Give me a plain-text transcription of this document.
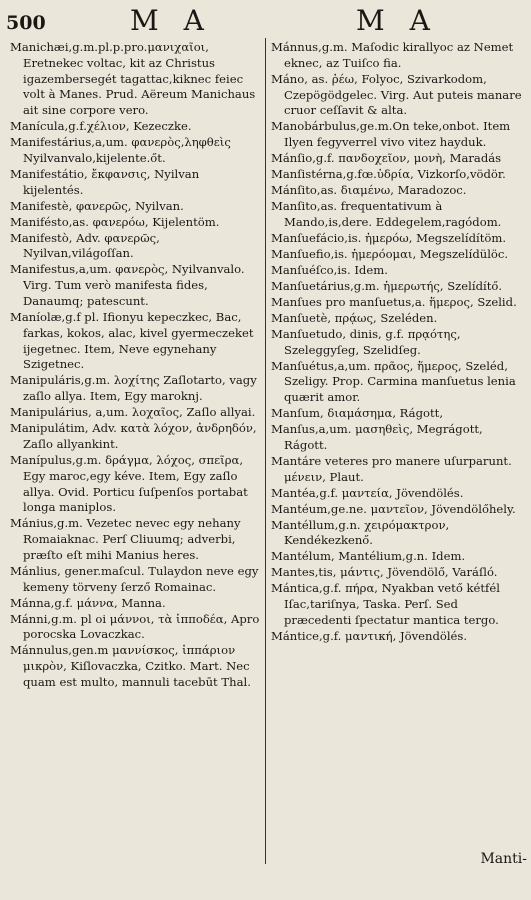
500	M A	M A

Manichæi,g.m.pl.p.pro.μανιχαῖοι, Eretnekec voltac, kit az Christus igazembersegét tagattac,kiknec feiec volt à Manes. Prud. Aëreum Manichaus ait sine corpore vero.

Manícula,g.f.χέλιον, Kezeczke.

Manifestárius,a,um. φανερὸς,ληφθεὶς Nyilvanvalo,kijelente.őt.

Manifestátio, ἔκφανσις, Nyilvan kijelentés.

Manifestè, φανερῶς, Nyilvan.

Manifésto,as. φανερόω, Kijelentöm.

Manifestò, Adv. φανερῶς, Nyilvan,világoſſan.

Manifestus,a,um. φανερὸς, Nyilvanvalo. Virg. Tum verò manifesta fides, Danaumq; patescunt.

Maníolæ,g.f pl. Ifionyu kepeczkec, Bac, farkas, kokos, alac, kivel gyermeczeket ijegetnec. Item, Neve egynehany Szigetnec.

Manipuláris,g.m. λοχίτης Zaſlotarto, vagy zaſlo allya. Item, Egy maroknj.

Manipulárius, a,um. λοχαῖος, Zaſlo allyai.

Manipulátim, Adv. κατὰ λόχον, ἀνδρηδόν, Zaſlo allyankint.

Manípulus,g.m. δράγμα, λόχος, σπεῖρα, Egy maroc,egy kéve. Item, Egy zaſlo allya. Ovid. Porticu ſuſpenſos portabat longa maniplos.

Mánius,g.m. Vezetec nevec egy nehany Romaiaknac. Perſ Cliuumq; adverbi, præſto eſt mihi Manius heres.

Mánlius, gener.maſcul. Tulaydon neve egy kemeny törveny ſerző Romainac.

Mánna,g.f. μάννα, Manna.

Mánni,g.m. pl oi μάννοι, τὰ ἱπποδέα, Apro porocska Lovaczkac.

Mánnulus,gen.m μαννίσκος, ἱππάριον μικρὸν, Kiſlovaczka, Czitko. Mart. Nec quam est multo, mannuli tacebūt Thal.

Mánnus,g.m. Maſodic kirallyoc az Nemet eknec, az Tuiſco fia.

Máno, as. ῥέω, Folyoc, Szivarkodom, Czepögödgelec. Virg. Aut puteis manare cruor ceſſavit & alta.

Manobárbulus,ge.m.On teke,onbot. Item Ilyen fegyverrel vivo vitez hayduk.

Mánſio,g.f. πανδοχεῖον, μονὴ, Maradás

Manſistérna,g.fœ.ὑδρία, Vizkorſo,vödör.

Mánſito,as. διαμένω, Maradozoc.

Manſito,as. frequentativum à Mando,is,dere. Eddegelem,ragódom.

Manſuefácio,is. ἡμερόω, Megszelídítöm.

Manſuefio,is. ἡμερόομαι, Megszelídülöc.

Manſuéſco,is. Idem.

Manſuetárius,g.m. ἡμερωτής, Szelídítő.

Manſues pro manſuetus,a. ἥμερος, Szelid.

Manſuetè, πρᾴως, Szeléden.

Manſuetudo, dinis, g.f. πρᾳότης, Szeleggyſeg, Szelidſeg.

Manſuétus,a,um. πρᾶος, ἥμερος, Szeléd, Szeligy. Prop. Carmina manſuetus lenia quærit amor.

Manſum, διαμάσημα, Rágott,

Manſus,a,um. μασηθεὶς, Megrágott, Rágott.

Mantáre veteres pro manere uſurparunt. μένειν, Plaut.

Mantéa,g.f. μαντεία, Jövendölés.

Mantéum,ge.ne. μαντεῖον, Jövendölőhely.

Mantéllum,g.n. χειρόμακτρον, Kendékezkenő.

Mantélum, Mantélium,g.n. Idem.

Mantes,tis, μάντις, Jövendölő, Varáſló.

Mántica,g.f. πήρα, Nyakban vető kétfél Iſac,tariſnya, Taska. Perſ. Sed præcedenti ſpectatur mantica tergo.

Mántice,g.f. μαντική, Jövendölés.

Manti-
